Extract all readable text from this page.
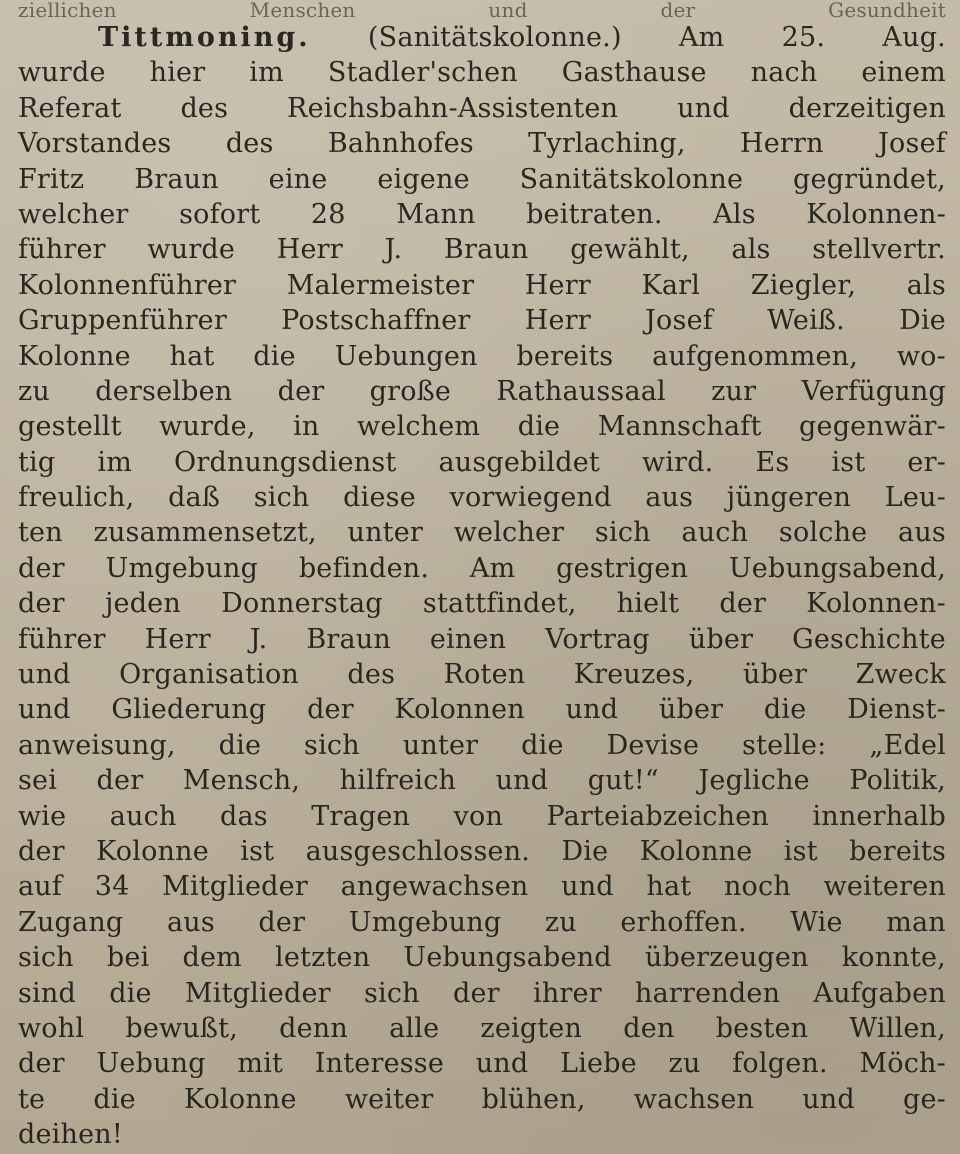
ziellichen	Menschen	und	der	Gesundheit
Tittmoning. (Sanitätskolonne.) Am 25. Aug.
wurde hier im Stadler'schen Gasthause nach einem
Referat des Reichsbahn-Assistenten und derzeitigen
Vorstandes des Bahnhofes Tyrlaching, Herrn Josef
Fritz Braun eine eigene Sanitätskolonne gegründet,
welcher sofort 28 Mann beitraten. Als Kolonnen-
führer wurde Herr J. Braun gewählt, als stellvertr.
Kolonnenführer Malermeister Herr Karl Ziegler, als
Gruppenführer Postschaffner Herr Josef Weiß. Die
Kolonne hat die Uebungen bereits aufgenommen, wo-
zu derselben der große Rathaussaal zur Verfügung
gestellt wurde, in welchem die Mannschaft gegenwär-
tig im Ordnungsdienst ausgebildet wird. Es ist er-
freulich, daß sich diese vorwiegend aus jüngeren Leu-
ten zusammensetzt, unter welcher sich auch solche aus
der Umgebung befinden. Am gestrigen Uebungsabend,
der jeden Donnerstag stattfindet, hielt der Kolonnen-
führer Herr J. Braun einen Vortrag über Geschichte
und Organisation des Roten Kreuzes, über Zweck
und Gliederung der Kolonnen und über die Dienst-
anweisung, die sich unter die Devise stelle: „Edel
sei der Mensch, hilfreich und gut!“ Jegliche Politik,
wie auch das Tragen von Parteiabzeichen innerhalb
der Kolonne ist ausgeschlossen. Die Kolonne ist bereits
auf 34 Mitglieder angewachsen und hat noch weiteren
Zugang aus der Umgebung zu erhoffen. Wie man
sich bei dem letzten Uebungsabend überzeugen konnte,
sind die Mitglieder sich der ihrer harrenden Aufgaben
wohl bewußt, denn alle zeigten den besten Willen,
der Uebung mit Interesse und Liebe zu folgen. Möch-
te die Kolonne weiter blühen, wachsen und ge-
deihen!
